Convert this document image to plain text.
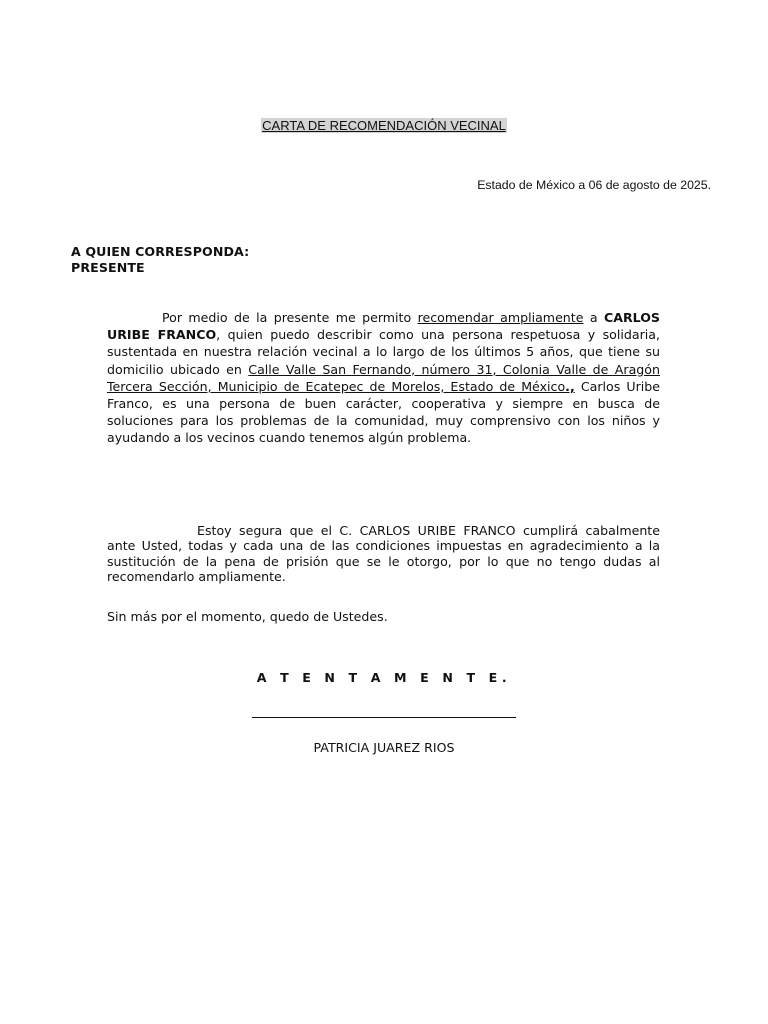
CARTA DE RECOMENDACIÓN VECINAL
Estado de México a 06 de agosto de 2025.
A QUIEN CORRESPONDA:
PRESENTE
Por medio de la presente me permito recomendar ampliamente a CARLOS URIBE FRANCO, quien puedo describir como una persona respetuosa y solidaria, sustentada en nuestra relación vecinal a lo largo de los últimos 5 años, que tiene su domicilio ubicado en Calle Valle San Fernando, número 31, Colonia Valle de Aragón Tercera Sección, Municipio de Ecatepec de Morelos, Estado de México., Carlos Uribe Franco, es una persona de buen carácter, cooperativa y siempre en busca de soluciones para los problemas de la comunidad, muy comprensivo con los niños y ayudando a los vecinos cuando tenemos algún problema.
Estoy segura que el C. CARLOS URIBE FRANCO cumplirá cabalmente ante Usted, todas y cada una de las condiciones impuestas en agradecimiento a la sustitución de la pena de prisión que se le otorgo, por lo que no tengo dudas al recomendarlo ampliamente.
Sin más por el momento, quedo de Ustedes.
A T E N T A M E N T E.
PATRICIA JUAREZ RIOS
